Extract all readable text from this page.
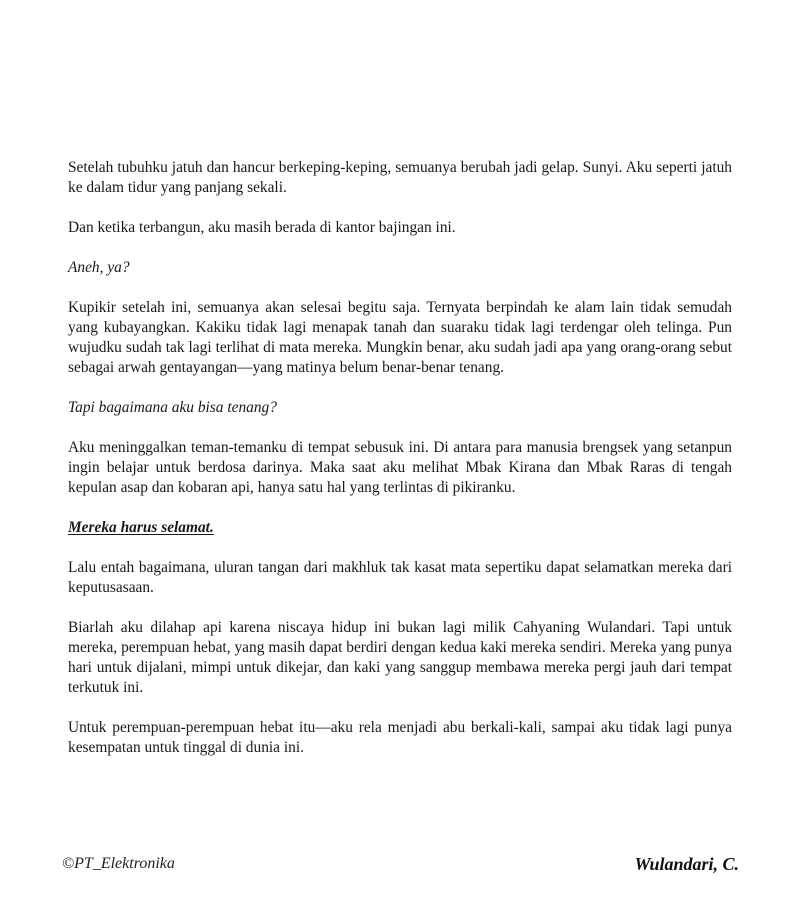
Setelah tubuhku jatuh dan hancur berkeping-keping, semuanya berubah jadi gelap. Sunyi. Aku seperti jatuh ke dalam tidur yang panjang sekali.

Dan ketika terbangun, aku masih berada di kantor bajingan ini.

Aneh, ya?

Kupikir setelah ini, semuanya akan selesai begitu saja. Ternyata berpindah ke alam lain tidak semudah yang kubayangkan. Kakiku tidak lagi menapak tanah dan suaraku tidak lagi terdengar oleh telinga. Pun wujudku sudah tak lagi terlihat di mata mereka. Mungkin benar, aku sudah jadi apa yang orang-orang sebut sebagai arwah gentayangan—yang matinya belum benar-benar tenang.

Tapi bagaimana aku bisa tenang?

Aku meninggalkan teman-temanku di tempat sebusuk ini. Di antara para manusia brengsek yang setanpun ingin belajar untuk berdosa darinya. Maka saat aku melihat Mbak Kirana dan Mbak Raras di tengah kepulan asap dan kobaran api, hanya satu hal yang terlintas di pikiranku.

Mereka harus selamat.

Lalu entah bagaimana, uluran tangan dari makhluk tak kasat mata sepertiku dapat selamatkan mereka dari keputusasaan.

Biarlah aku dilahap api karena niscaya hidup ini bukan lagi milik Cahyaning Wulandari. Tapi untuk mereka, perempuan hebat, yang masih dapat berdiri dengan kedua kaki mereka sendiri. Mereka yang punya hari untuk dijalani, mimpi untuk dikejar, dan kaki yang sanggup membawa mereka pergi jauh dari tempat terkutuk ini.

Untuk perempuan-perempuan hebat itu—aku rela menjadi abu berkali-kali, sampai aku tidak lagi punya kesempatan untuk tinggal di dunia ini.

©PT_Elektronika	Wulandari, C.
